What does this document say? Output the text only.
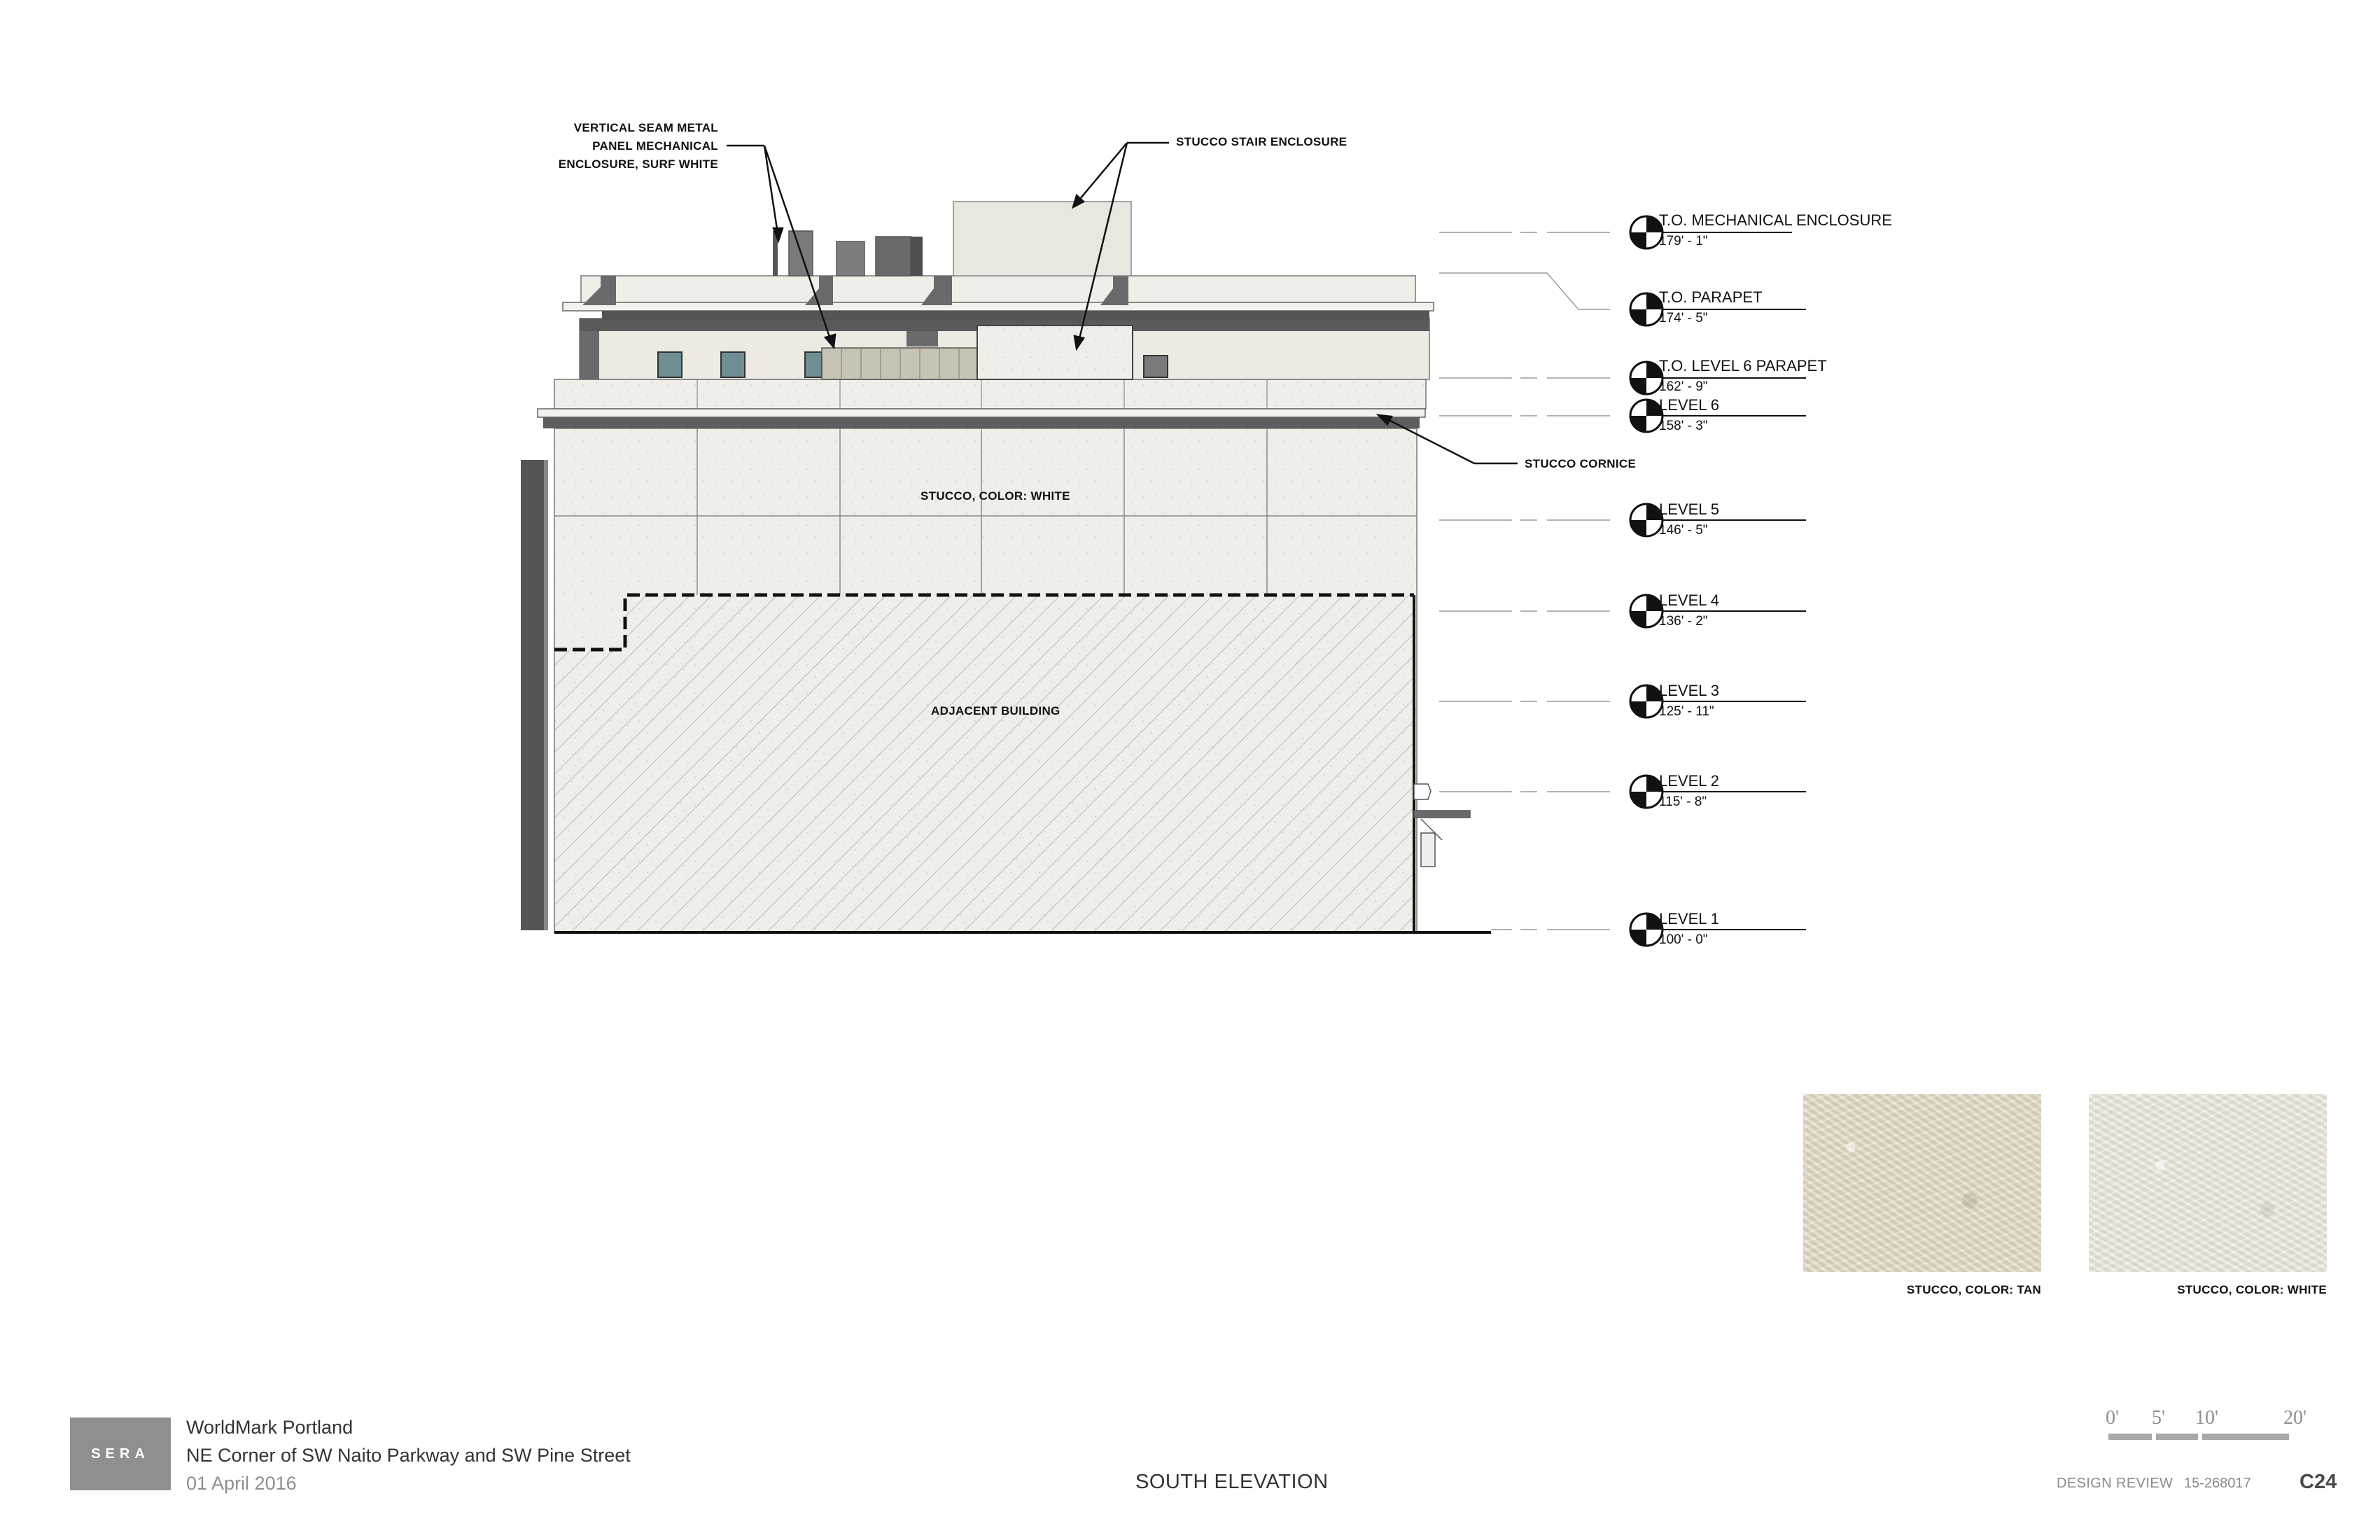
VERTICAL SEAM METAL
PANEL MECHANICAL
ENCLOSURE, SURF WHITE
STUCCO STAIR ENCLOSURE
STUCCO CORNICE
STUCCO, COLOR: WHITE
ADJACENT BUILDING
T.O. MECHANICAL ENCLOSURE
179' - 1"
T.O. PARAPET
174' - 5"
T.O. LEVEL 6 PARAPET
162' - 9"
LEVEL 6
158' - 3"
LEVEL 5
146' - 5"
LEVEL 4
136' - 2"
LEVEL 3
125' - 11"
LEVEL 2
115' - 8"
LEVEL 1
100' - 0"
STUCCO, COLOR: TAN	STUCCO, COLOR: WHITE
SERA
WorldMark Portland
NE Corner of SW Naito Parkway and SW Pine Street
01 April 2016	SOUTH ELEVATION	DESIGN REVIEW 15-268017 C24
0' 5' 10'	20'
